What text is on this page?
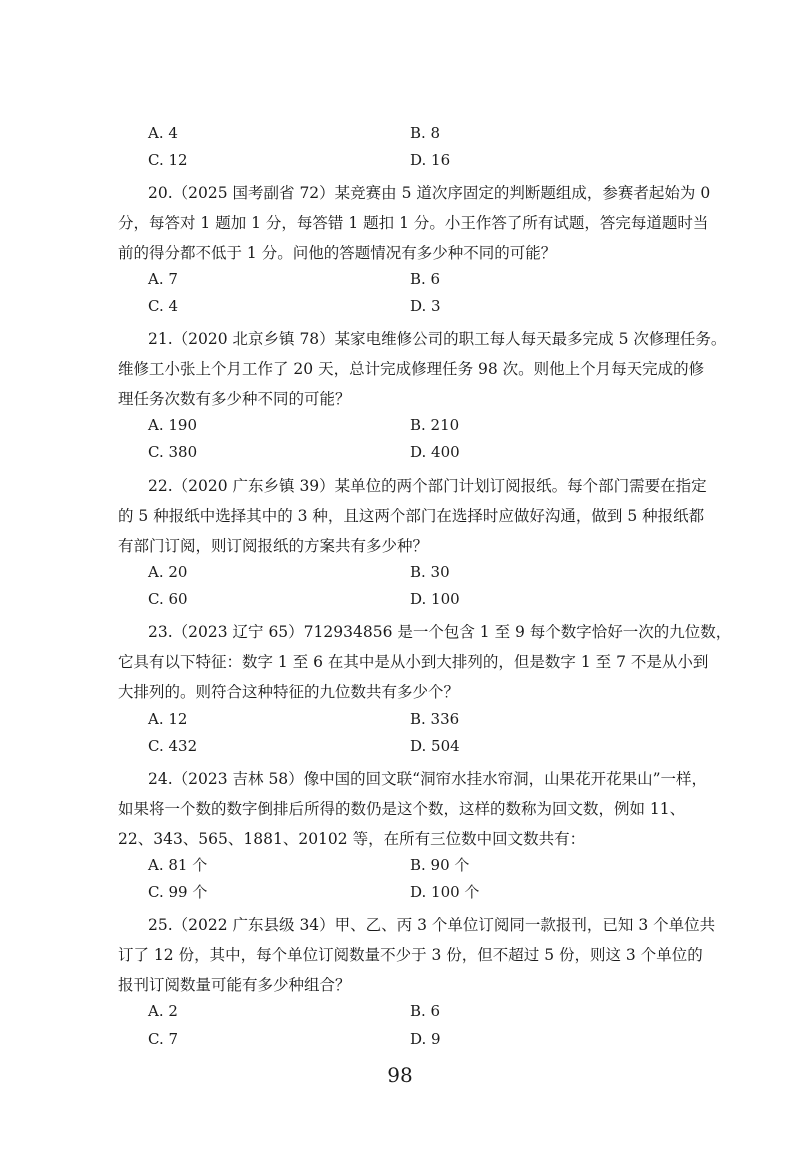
A. 4	B. 8
C. 12	D. 16
20.（2025 国考副省 72）某竞赛由 5 道次序固定的判断题组成，参赛者起始为 0
分，每答对 1 题加 1 分，每答错 1 题扣 1 分。小王作答了所有试题，答完每道题时当
前的得分都不低于 1 分。问他的答题情况有多少种不同的可能？
A. 7	B. 6
C. 4	D. 3
21.（2020 北京乡镇 78）某家电维修公司的职工每人每天最多完成 5 次修理任务。
维修工小张上个月工作了 20 天，总计完成修理任务 98 次。则他上个月每天完成的修
理任务次数有多少种不同的可能？
A. 190	B. 210
C. 380	D. 400
22.（2020 广东乡镇 39）某单位的两个部门计划订阅报纸。每个部门需要在指定
的 5 种报纸中选择其中的 3 种，且这两个部门在选择时应做好沟通，做到 5 种报纸都
有部门订阅，则订阅报纸的方案共有多少种？
A. 20	B. 30
C. 60	D. 100
23.（2023 辽宁 65）712934856 是一个包含 1 至 9 每个数字恰好一次的九位数，
它具有以下特征：数字 1 至 6 在其中是从小到大排列的，但是数字 1 至 7 不是从小到
大排列的。则符合这种特征的九位数共有多少个？
A. 12	B. 336
C. 432	D. 504
24.（2023 吉林 58）像中国的回文联“洞帘水挂水帘洞，山果花开花果山”一样，
如果将一个数的数字倒排后所得的数仍是这个数，这样的数称为回文数，例如 11、
22、343、565、1881、20102 等，在所有三位数中回文数共有：
A. 81 个	B. 90 个
C. 99 个	D. 100 个
25.（2022 广东县级 34）甲、乙、丙 3 个单位订阅同一款报刊，已知 3 个单位共
订了 12 份，其中，每个单位订阅数量不少于 3 份，但不超过 5 份，则这 3 个单位的
报刊订阅数量可能有多少种组合？
A. 2	B. 6
C. 7	D. 9
98
